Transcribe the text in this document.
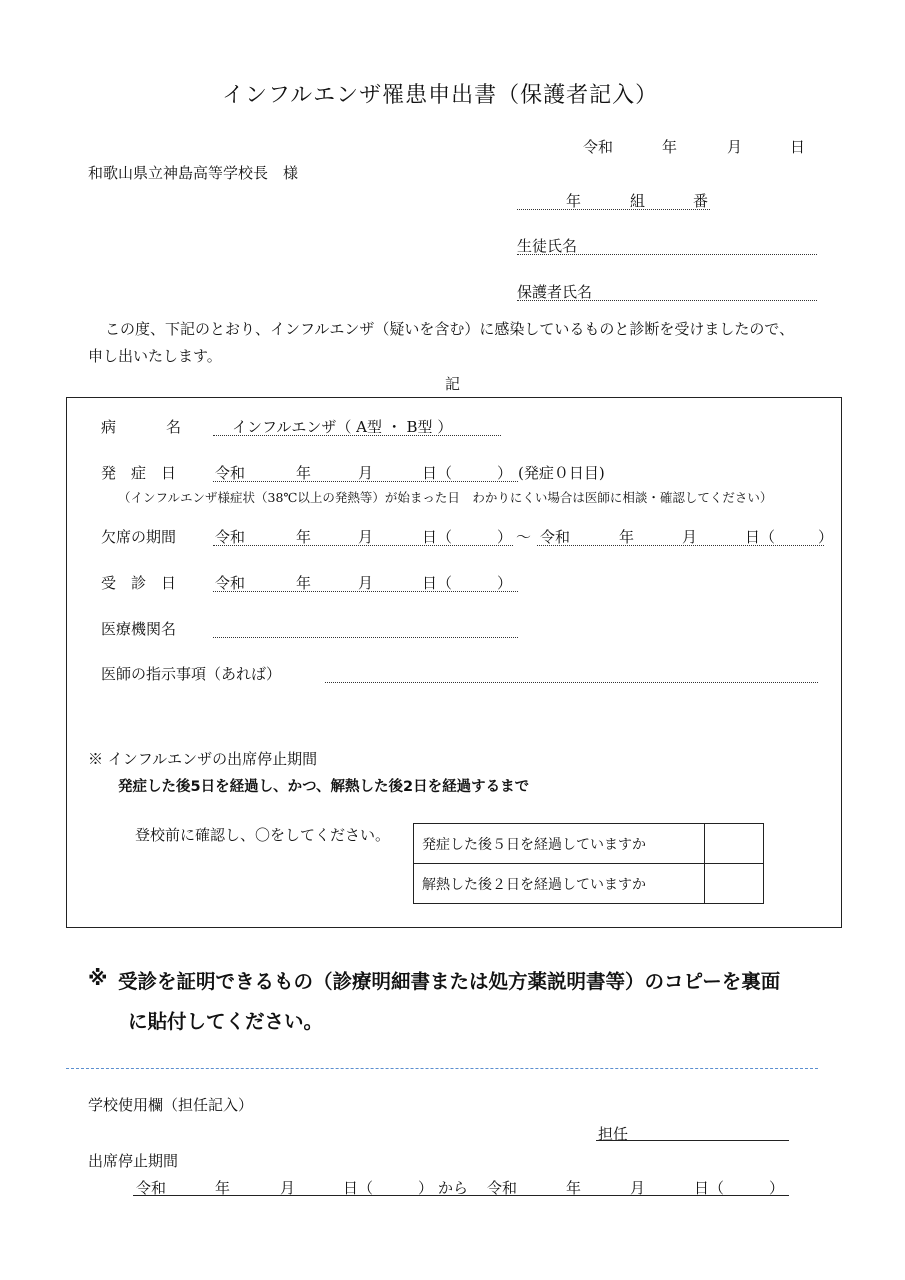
インフルエンザ罹患申出書（保護者記入）
令和	年	月	日
和歌山県立神島高等学校長　様
年	組	番
生徒氏名
保護者氏名
この度、下記のとおり、インフルエンザ（疑いを含む）に感染しているものと診断を受けましたので、
申し出いたします。
記
病	名	インフルエンザ（ A型 ・ B型 ）
発　症　日	令和	年	月	日（　　　） (発症０日目)
（インフルエンザ様症状（38℃以上の発熱等）が始まった日　わかりにくい場合は医師に相談・確認してください）
欠席の期間	令和	年	月	日（　　　） 〜 令和	年	月	日（	）
受　診　日	令和	年	月	日（　　　）
医療機関名
医師の指示事項（あれば）
※ インフルエンザの出席停止期間
発症した後5日を経過し、かつ、解熱した後2日を経過するまで
登校前に確認し、〇をしてください。
発症した後５日を経過していますか	
解熱した後２日を経過していますか	
※ 受診を証明できるもの（診療明細書または処方薬説明書等）のコピーを裏面
に貼付してください。
学校使用欄（担任記入）
担任
出席停止期間
令和	年	月	日（　　　） から 令和	年	月	日（　　　）
